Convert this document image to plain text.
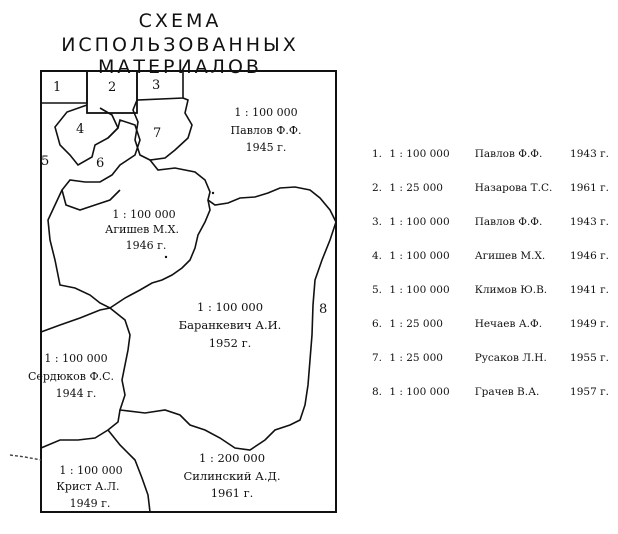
СХЕМА
ИСПОЛЬЗОВАННЫХ МАТЕРИАЛОВ
1	2	3
4
5	6
7
8
1 : 100 000
Павлов Ф.Ф.
1945 г.
1 : 100 000
Агишев М.Х.
1946 г.
1 : 100 000
Баранкевич А.И.
1952 г.
1 : 100 000
Сердюков Ф.С.
1944 г.
1 : 100 000
Крист А.Л.
1949 г.
1 : 200 000
Силинский А.Д.
1961 г.
1. 1 : 100 000 Павлов Ф.Ф.	1943 г.
2. 1 : 25 000	Назарова Т.С. 1961 г.
3. 1 : 100 000 Павлов Ф.Ф.	1943 г.
4. 1 : 100 000 Агишев М.Х. 1946 г.
5. 1 : 100 000 Климов Ю.В. 1941 г.
6. 1 : 25 000	Нечаев А.Ф.	1949 г.
7. 1 : 25 000	Русаков Л.Н. 1955 г.
8. 1 : 100 000 Грачев В.А.	1957 г.
